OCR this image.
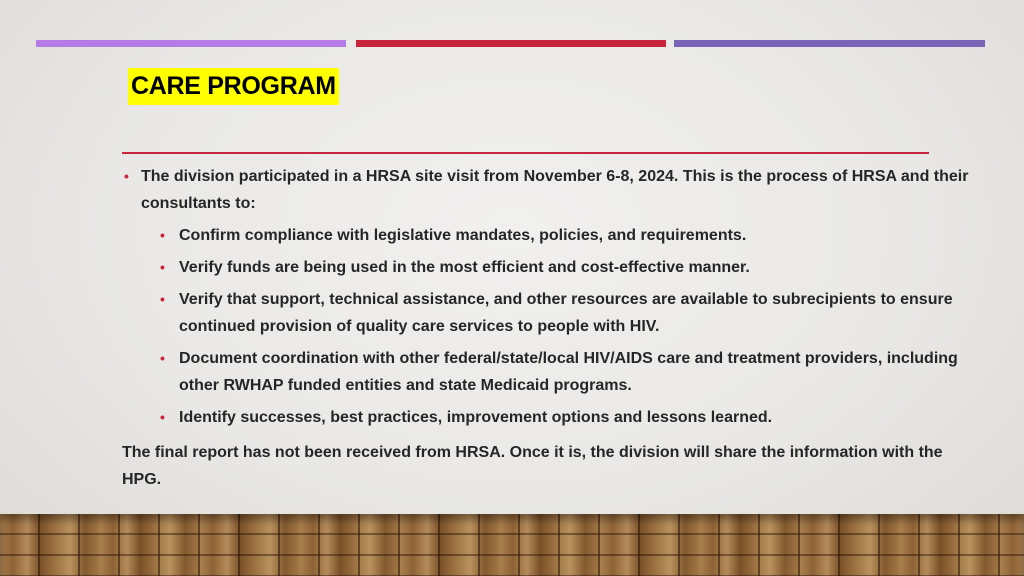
CARE PROGRAM

• The division participated in a HRSA site visit from November 6-8, 2024. This is the process of HRSA and their consultants to:

• Confirm compliance with legislative mandates, policies, and requirements.

• Verify funds are being used in the most efficient and cost-effective manner.

• Verify that support, technical assistance, and other resources are available to subrecipients to ensure continued provision of quality care services to people with HIV.

• Document coordination with other federal/state/local HIV/AIDS care and treatment providers, including other RWHAP funded entities and state Medicaid programs.

• Identify successes, best practices, improvement options and lessons learned.

The final report has not been received from HRSA. Once it is, the division will share the information with the HPG.
